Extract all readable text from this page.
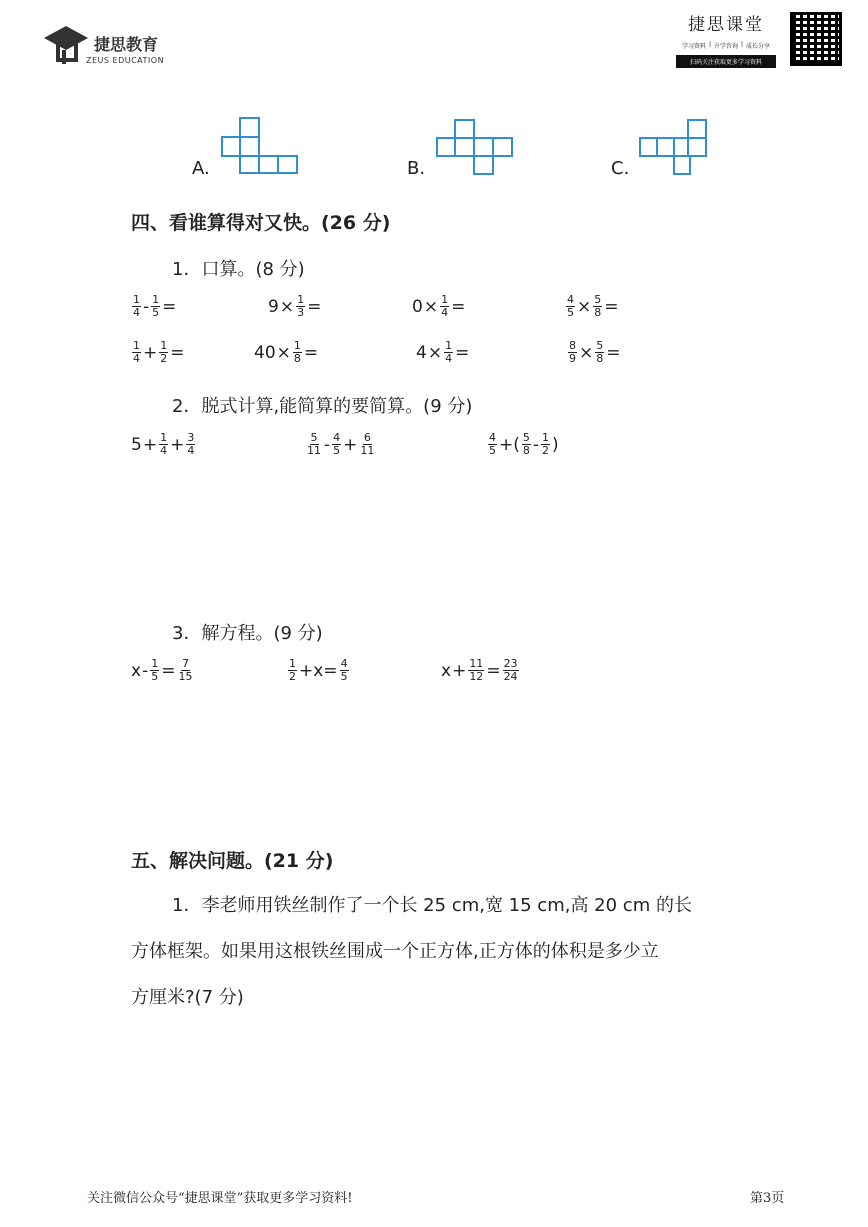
捷思教育
ZEUS EDUCATION
捷思课堂
学习资料 | 升学咨询 | 成长分享
扫码关注获取更多学习资料
A.	B.	C.
四、看谁算得对又快。(26 分)
1．口算。(8 分)
$\frac{1}{4} - \frac{1}{5}$ =	$9 \times \frac{1}{3}$ =	$0 \times \frac{1}{4}$ =	$\frac{4}{5} \times \frac{5}{8}$ =
$\frac{1}{4} + \frac{1}{2}$ =	$40 \times \frac{1}{8}$ =	$4 \times \frac{1}{4}$ =	$\frac{8}{9} \times \frac{5}{8}$ =
2．脱式计算,能简算的要简算。(9 分)
$5 + \frac{1}{4} + \frac{3}{4}$	$\frac{5}{11} - \frac{4}{5} + \frac{6}{11}$	$\frac{4}{5}$ +( $\frac{5}{8} - \frac{1}{2}$ )
3．解方程。(9 分)
$x - \frac{1}{5} = \frac{7}{15}$	$\frac{1}{2} +x= \frac{4}{5}$	$x + \frac{11}{12} = \frac{23}{24}$
五、解决问题。(21 分)
1．李老师用铁丝制作了一个长 25 cm,宽 15 cm,高 20 cm 的长
方体框架。如果用这根铁丝围成一个正方体,正方体的体积是多少立
方厘米?(7 分)
关注微信公众号“捷思课堂”获取更多学习资料!	第3页
